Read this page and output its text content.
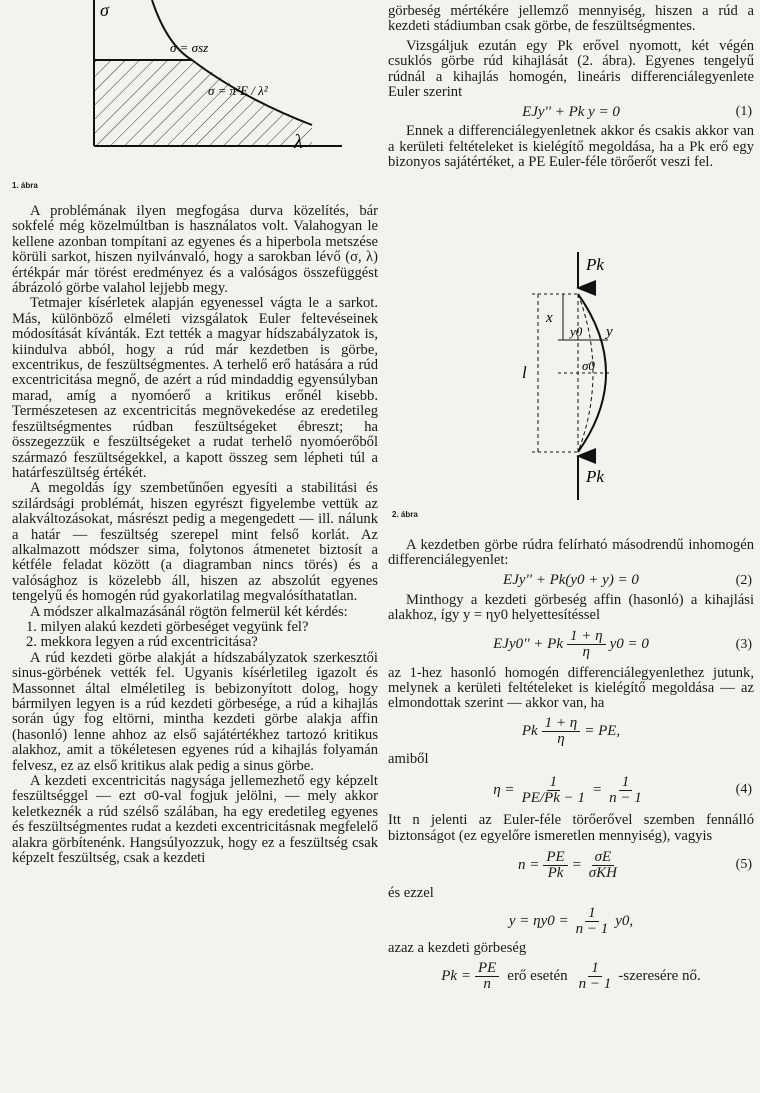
σ
σ = σsz
σ = π²E / λ²
λ
1. ábra

A problémának ilyen megfogása durva közelítés, bár sokfelé még közelmúltban is használatos volt. Valahogyan le kellene azonban tompítani az egyenes és a hiperbola metszése körüli sarkot, hiszen nyilvánvaló, hogy a sarokban lévő (σ, λ) értékpár már törést eredményez és a valóságos összefüggést ábrázoló görbe valahol lejjebb megy.

Tetmajer kísérletek alapján egyenessel vágta le a sarkot. Más, különböző elméleti vizsgálatok Euler feltevéseinek módosítását kívánták. Ezt tették a magyar hídszabályzatok is, kiindulva abból, hogy a rúd már kezdetben is görbe, excentrikus, de feszültségmentes. A terhelő erő hatására a rúd excentricitása megnő, de azért a rúd mindaddig egyensúlyban marad, amíg a nyomóerő a kritikus erőnél kisebb. Természetesen az excentricitás megnövekedése az eredetileg feszültségmentes rúdban feszültségeket ébreszt; ha összegezzük e feszültségeket a rudat terhelő nyomóerőből származó feszültségekkel, a kapott összeg sem lépheti túl a határfeszültség értékét.

A megoldás így szembetűnően egyesíti a stabilitási és szilárdsági problémát, hiszen egyrészt figyelembe vettük az alakváltozásokat, másrészt pedig a megengedett — ill. nálunk a határ — feszültség szerepel mint felső korlát. Az alkalmazott módszer sima, folytonos átmenetet biztosít a kétféle feladat között (a diagramban nincs törés) és a valósághoz is közelebb áll, hiszen az abszolút egyenes tengelyű és homogén rúd gyakorlatilag megvalósíthatatlan.

A módszer alkalmazásánál rögtön felmerül két kérdés:

1. milyen alakú kezdeti görbeséget vegyünk fel?

2. mekkora legyen a rúd excentricitása?

A rúd kezdeti görbe alakját a hídszabályzatok szerkesztői sinus-görbének vették fel. Ugyanis kísérletileg igazolt és Massonnet által elméletileg is bebizonyított dolog, hogy bármilyen legyen is a rúd kezdeti görbesége, a rúd a kihajlás során úgy fog eltörni, mintha kezdeti görbe alakja affin (hasonló) lenne ahhoz az első sajátértékhez tartozó kritikus alakhoz, amit a tökéletesen egyenes rúd a kihajlás folyamán felvesz, ez az első kritikus alak pedig a sinus görbe.

A kezdeti excentricitás nagysága jellemezhető egy képzelt feszültséggel — ezt σ0-val fogjuk jelölni, — mely akkor keletkeznék a rúd szélső szálában, ha egy eredetileg egyenes és feszültségmentes rudat a kezdeti excentricitásnak megfelelő alakra görbítenénk. Hangsúlyozzuk, hogy ez a feszültség csak képzelt feszültség, csak a kezdeti

görbeség mértékére jellemző mennyiség, hiszen a rúd a kezdeti stádiumban csak görbe, de feszültségmentes.

Vizsgáljuk ezután egy Pk erővel nyomott, két végén csuklós görbe rúd kihajlását (2. ábra). Egyenes tengelyű rúdnál a kihajlás homogén, lineáris differenciálegyenlete Euler szerint

EJy'' + Pk y = 0	(1)

Ennek a differenciálegyenletnek akkor és csakis akkor van a kerületi feltételeket is kielégítő megoldása, ha a Pk erő egy bizonyos sajátértéket, a PE Euler-féle törőerőt veszi fel.

Pk
x
y0 y
l	σ0
Pk
2. ábra

A kezdetben görbe rúdra felírható másodrendű inhomogén differenciálegyenlet:

EJy'' + Pk(y0 + y) = 0	(2)

Minthogy a kezdeti görbeség affin (hasonló) a kihajlási alakhoz, így y = ηy0 helyettesítéssel

EJy0'' + Pk $\frac{1 + \eta}{\eta} y0 = 0$	(3)

az 1-hez hasonló homogén differenciálegyenlethez jutunk, melynek a kerületi feltételeket is kielégítő megoldása — az elmondottak szerint — akkor van, ha

Pk $\frac{1 + \eta}{\eta}$ = PE,

amiből

$\eta = \frac{1}{PE/Pk - 1} = \frac{1}{n - 1}$	(4)

Itt n jelenti az Euler-féle törőerővel szemben fennálló biztonságot (ez egyelőre ismeretlen mennyiség), vagyis

$n = \frac{PE}{Pk} = \frac{\sigma E}{\text{σKH}}$	(5)

és ezzel

$y = \eta y0 = \frac{1}{n - 1} y0$,

azaz a kezdeti görbeség

$Pk = \frac{PE}{n}$ erő esetén $\frac{1}{n - 1}$ -szeresére nő.
